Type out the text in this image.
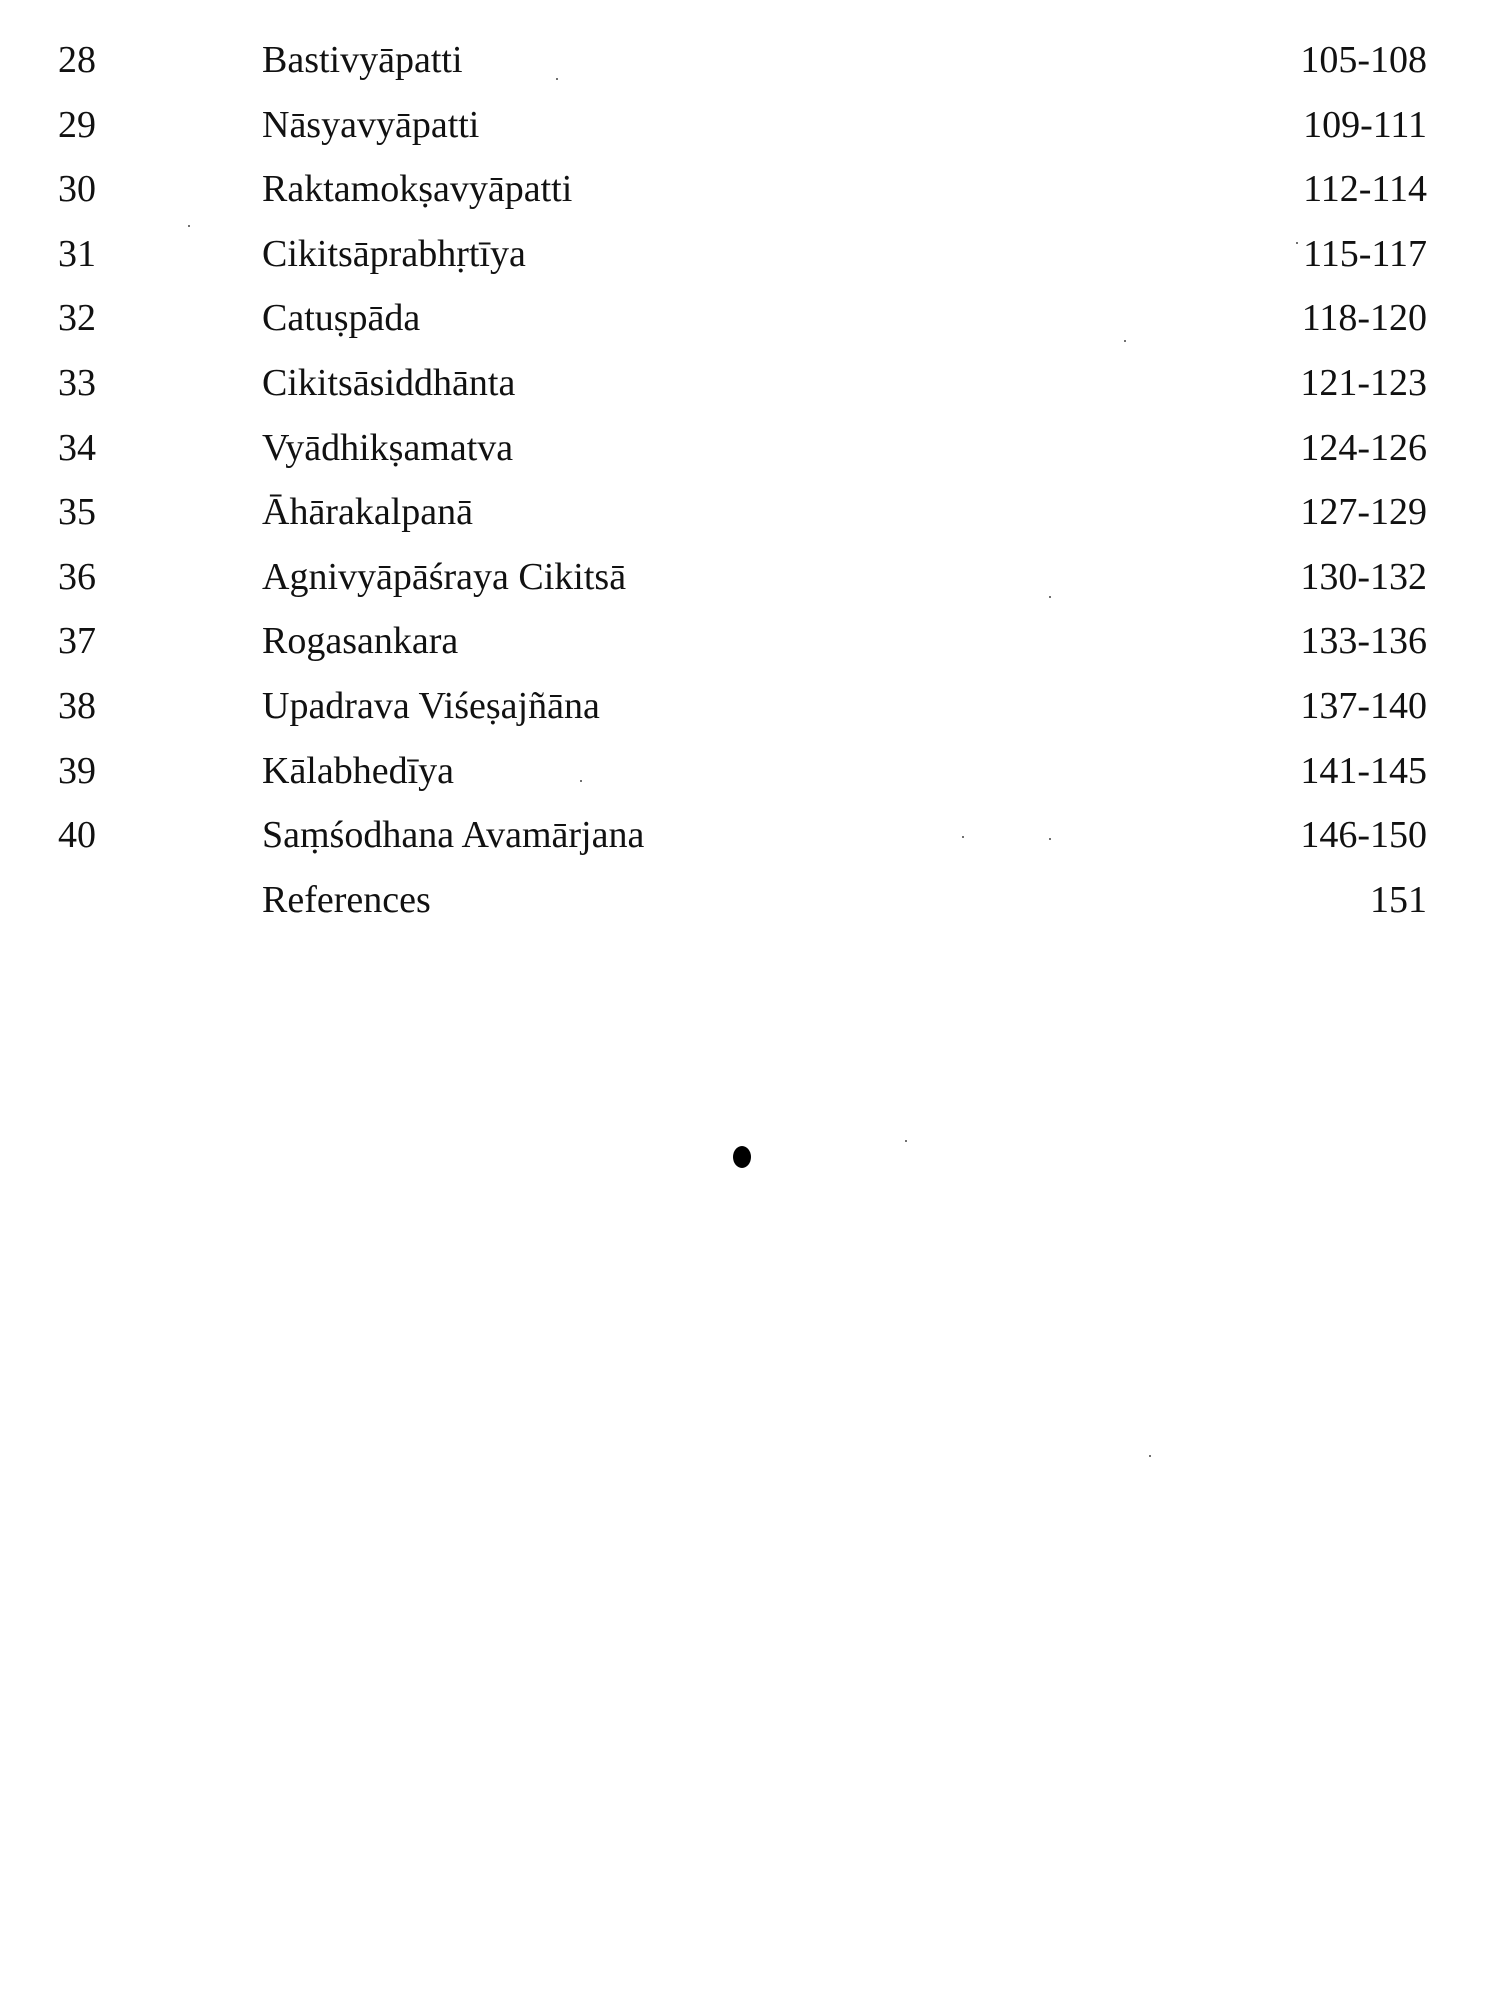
28	Bastivyāpatti	105-108
29	Nāsyavyāpatti	109-111
30	Raktamokṣavyāpatti	112-114
31	Cikitsāprabhṛtīya	115-117
32	Catuṣpāda	118-120
33	Cikitsāsiddhānta	121-123
34	Vyādhikṣamatva	124-126
35	Āhārakalpanā	127-129
36	Agnivyāpāśraya Cikitsā	130-132
37	Rogasankara	133-136
38	Upadrava Viśeṣajñāna	137-140
39	Kālabhedīya	141-145
40	Saṃśodhana Avamārjana	146-150
References	151
